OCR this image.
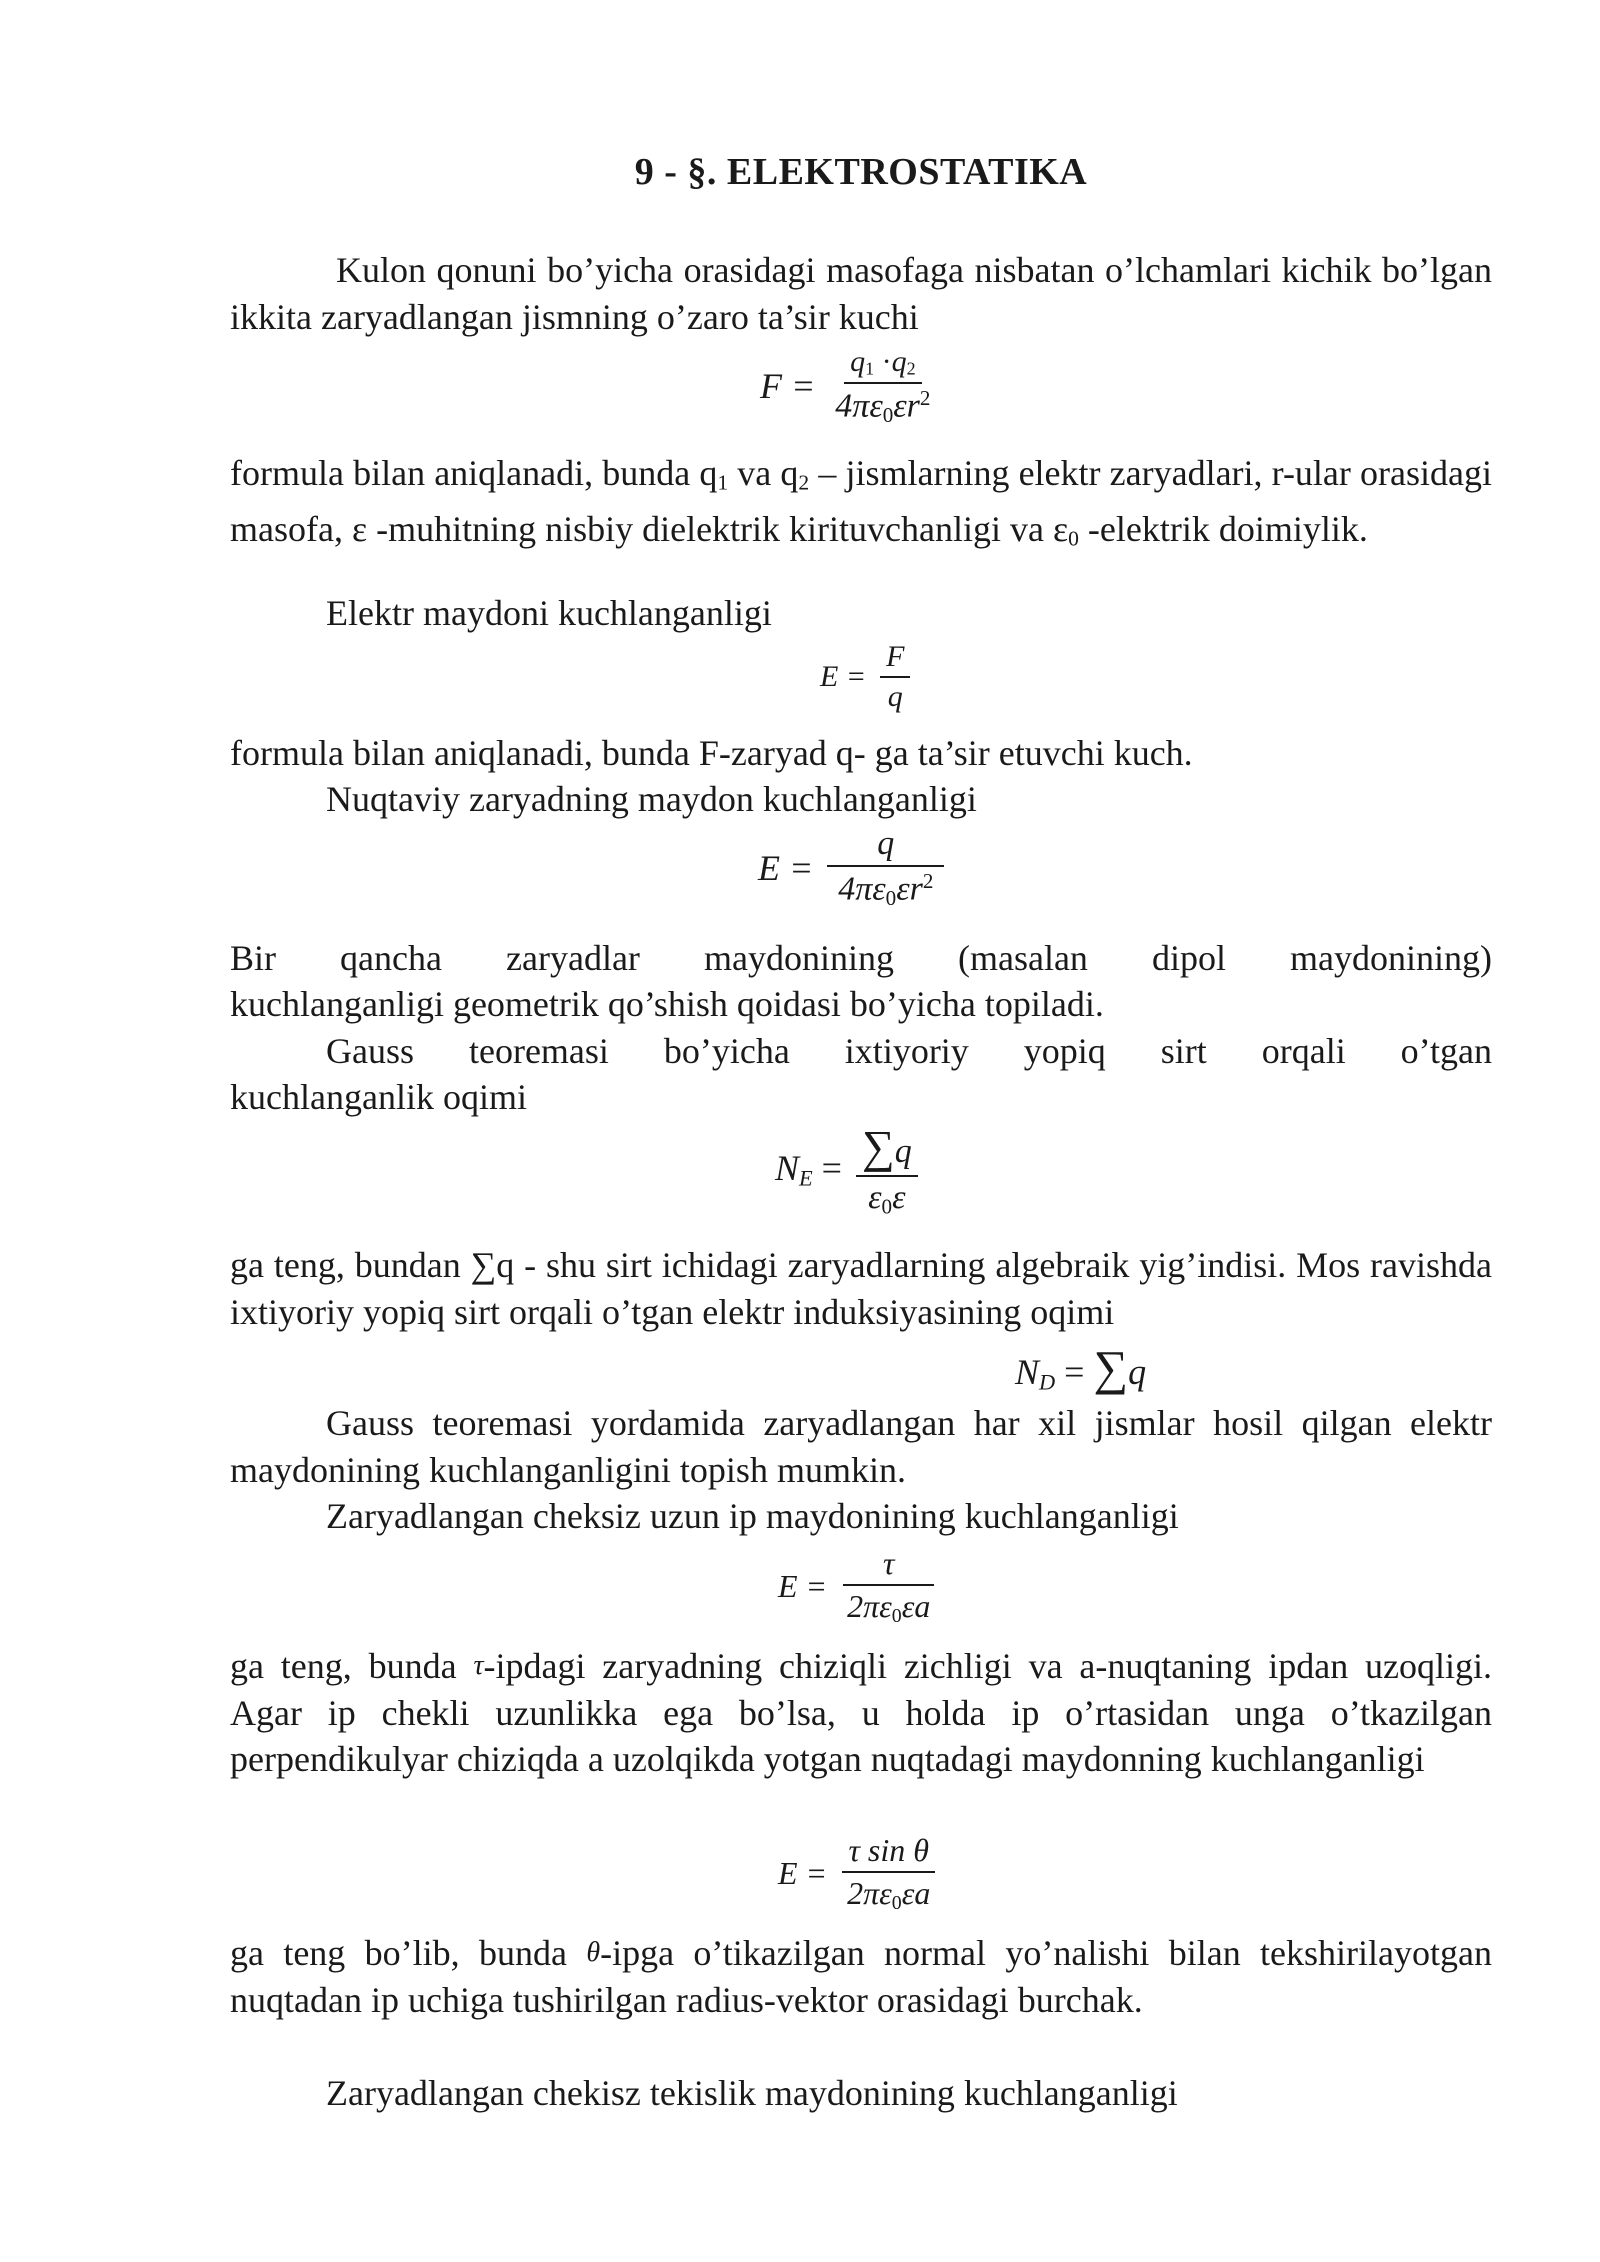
9 - §. ELEKTROSTATIKA

Kulon qonuni bo’yicha orasidagi masofaga nisbatan o’lchamlari kichik bo’lgan ikkita zaryadlangan jismning o’zaro ta’sir kuchi

$F = \frac{q1 \cdot q2}{4\pi\varepsilon_0\varepsilon r^2}$

formula bilan aniqlanadi, bunda q1 va q2 – jismlarning elektr zaryadlari, r-ular orasidagi masofa, ε -muhitning nisbiy dielektrik kirituvchanligi va ε0 -elektrik doimiylik.

Elektr maydoni kuchlanganligi

$E = \frac{F}{q}$

formula bilan aniqlanadi, bunda F-zaryad q- ga ta’sir etuvchi kuch.

Nuqtaviy zaryadning maydon kuchlanganligi

$E = \frac{q}{4\pi\varepsilon_0\varepsilon r^2}$

Bir qancha zaryadlar maydonining (masalan dipol maydonining)

kuchlanganligi geometrik qo’shish qoidasi bo’yicha topiladi.

Gauss teoremasi bo’yicha ixtiyoriy yopiq sirt orqali o’tgan

kuchlanganlik oqimi

$N_E = \frac{\sum q}{\varepsilon_0\varepsilon}$

ga teng, bundan ∑q - shu sirt ichidagi zaryadlarning algebraik yig’indisi. Mos ravishda ixtiyoriy yopiq sirt orqali o’tgan elektr induksiyasining oqimi

$N_D = \sum q$

Gauss teoremasi yordamida zaryadlangan har xil jismlar hosil qilgan elektr maydonining kuchlanganligini topish mumkin.

Zaryadlangan cheksiz uzun ip maydonining kuchlanganligi

$E = \frac{\tau}{2\pi\varepsilon_0\varepsilon a}$

ga teng, bunda τ-ipdagi zaryadning chiziqli zichligi va a-nuqtaning ipdan uzoqligi. Agar ip chekli uzunlikka ega bo’lsa, u holda ip o’rtasidan unga o’tkazilgan perpendikulyar chiziqda a uzolqikda yotgan nuqtadagi maydonning kuchlanganligi

$E = \frac{\text{τ sin θ}}{2\pi\varepsilon_0\varepsilon a}$

ga teng bo’lib, bunda θ-ipga o’tikazilgan normal yo’nalishi bilan tekshirilayotgan nuqtadan ip uchiga tushirilgan radius-vektor orasidagi burchak.

Zaryadlangan chekisz tekislik maydonining kuchlanganligi
